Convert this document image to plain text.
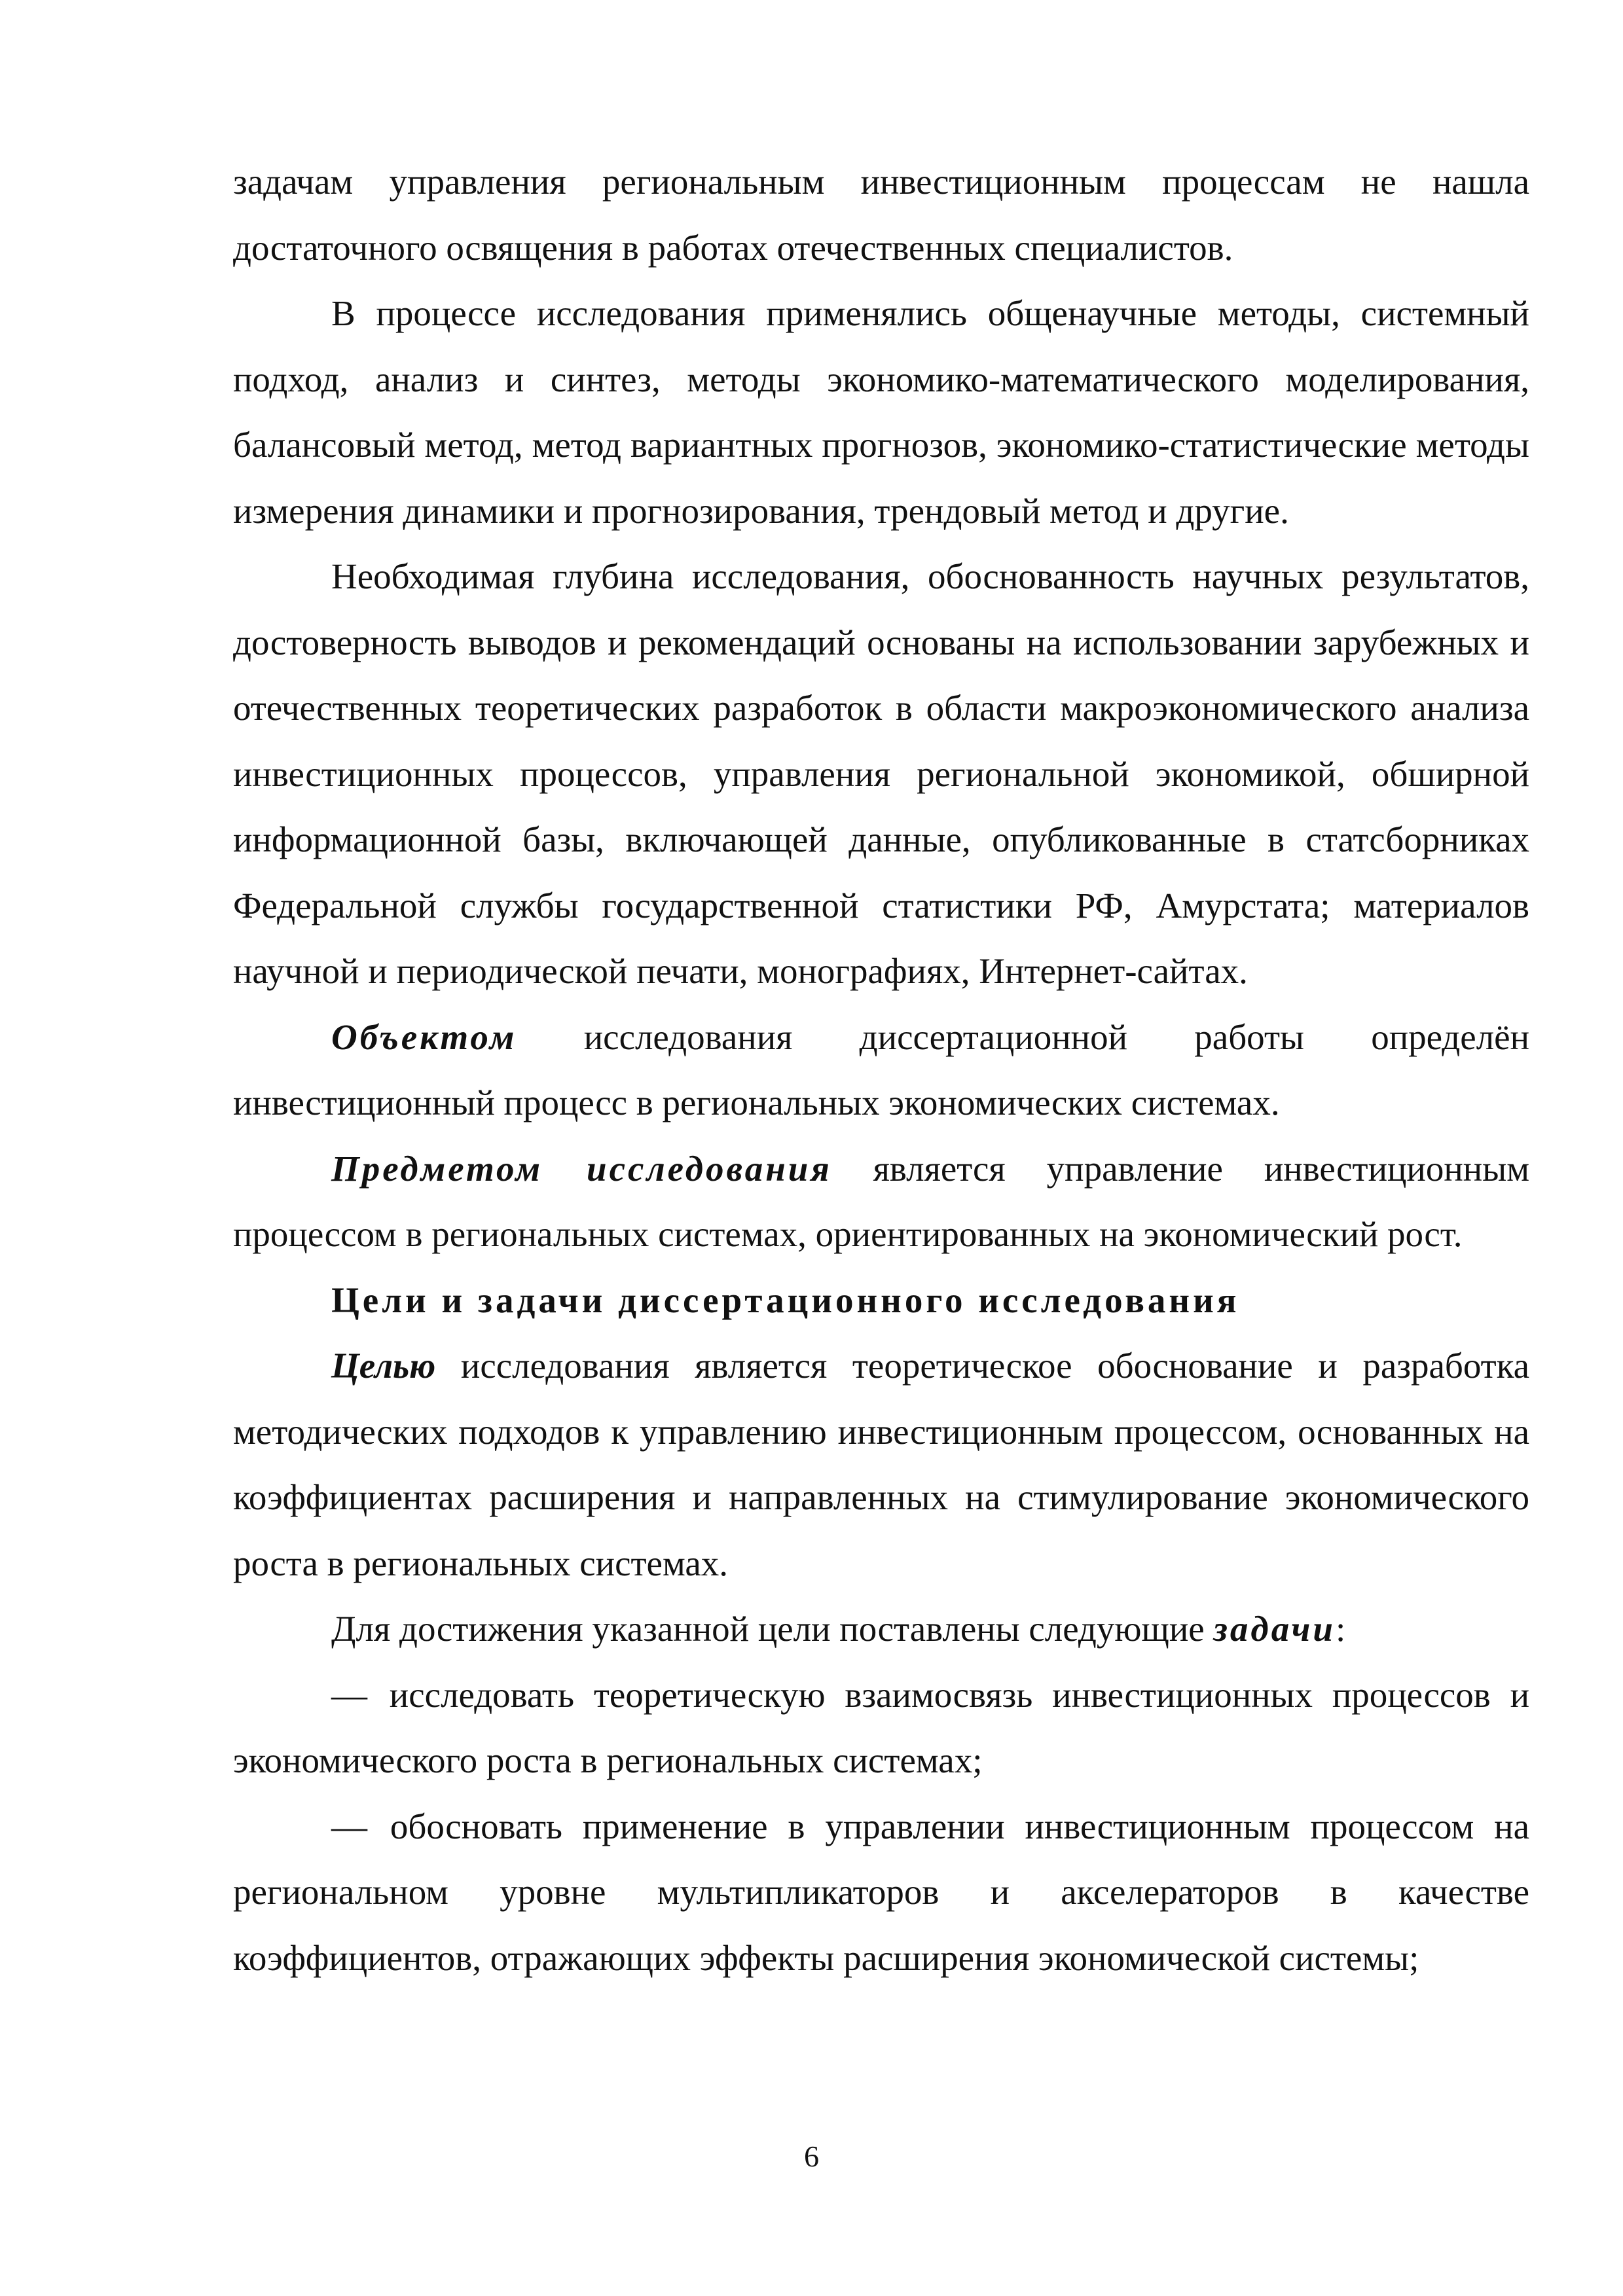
задачам управления региональным инвестиционным процессам не нашла достаточного освящения в работах отечественных специалистов.

В процессе исследования применялись общенаучные методы, системный подход, анализ и синтез, методы экономико-математического моделирования, балансовый метод, метод вариантных прогнозов, экономико-статистические методы измерения динамики и прогнозирования, трендовый метод и другие.

Необходимая глубина исследования, обоснованность научных результатов, достоверность выводов и рекомендаций основаны на использовании зарубежных и отечественных теоретических разработок в области макроэкономического анализа инвестиционных процессов, управления региональной экономикой, обширной информационной базы, включающей данные, опубликованные в статсборниках Федеральной службы государственной статистики РФ, Амурстата; материалов научной и периодической печати, монографиях, Интернет-сайтах.

Объектом исследования диссертационной работы определён инвестиционный процесс в региональных экономических системах.

Предметом исследования является управление инвестиционным процессом в региональных системах, ориентированных на экономический рост.

Цели и задачи диссертационного исследования

Целью исследования является теоретическое обоснование и разработка методических подходов к управлению инвестиционным процессом, основанных на коэффициентах расширения и направленных на стимулирование экономического роста в региональных системах.

Для достижения указанной цели поставлены следующие задачи:

— исследовать теоретическую взаимосвязь инвестиционных процессов и экономического роста в региональных системах;

— обосновать применение в управлении инвестиционным процессом на региональном уровне мультипликаторов и акселераторов в качестве коэффициентов, отражающих эффекты расширения экономической системы;

6
